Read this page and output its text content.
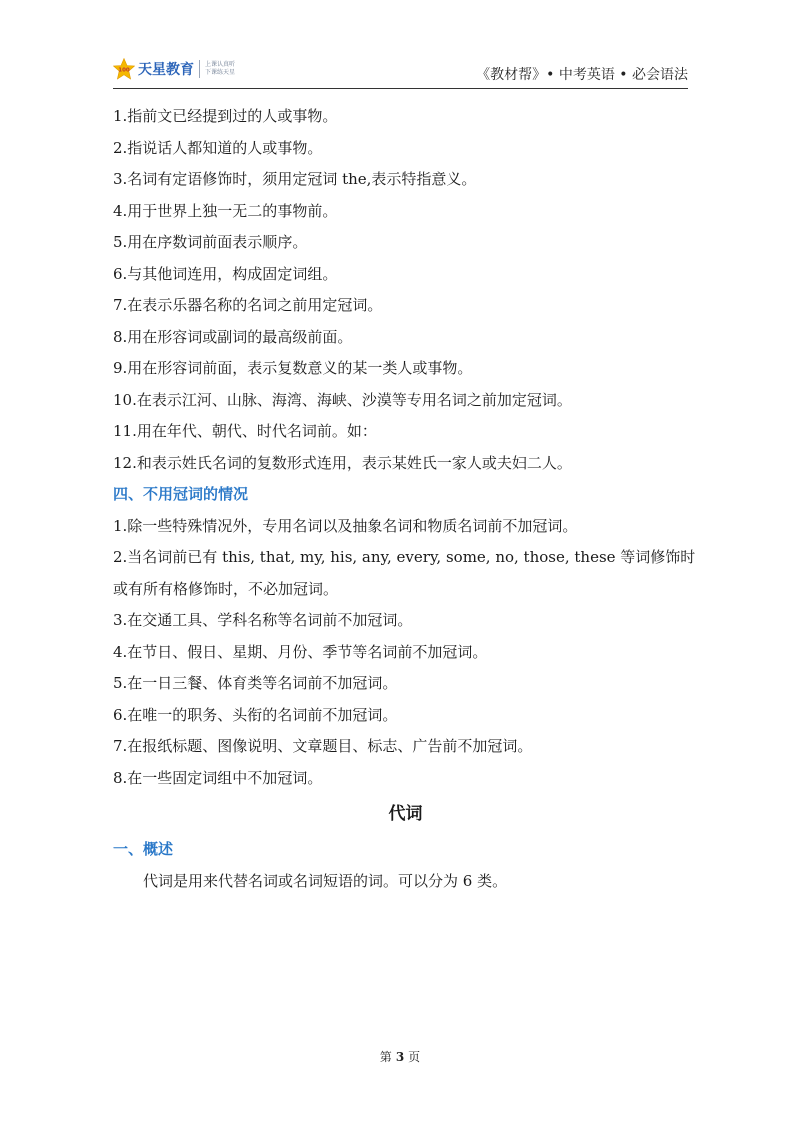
100 天星教育 上课认真听
下课练天星	《教材帮》• 中考英语 • 必会语法
1.指前文已经提到过的人或事物。
2.指说话人都知道的人或事物。
3.名词有定语修饰时，须用定冠词 the,表示特指意义。
4.用于世界上独一无二的事物前。
5.用在序数词前面表示顺序。
6.与其他词连用，构成固定词组。
7.在表示乐器名称的名词之前用定冠词。
8.用在形容词或副词的最高级前面。
9.用在形容词前面，表示复数意义的某一类人或事物。
10.在表示江河、山脉、海湾、海峡、沙漠等专用名词之前加定冠词。
11.用在年代、朝代、时代名词前。如：
12.和表示姓氏名词的复数形式连用，表示某姓氏一家人或夫妇二人。
四、不用冠词的情况
1.除一些特殊情况外，专用名词以及抽象名词和物质名词前不加冠词。
2.当名词前已有 this, that, my, his, any, every, some, no, those, these 等词修饰时
或有所有格修饰时，不必加冠词。
3.在交通工具、学科名称等名词前不加冠词。
4.在节日、假日、星期、月份、季节等名词前不加冠词。
5.在一日三餐、体育类等名词前不加冠词。
6.在唯一的职务、头衔的名词前不加冠词。
7.在报纸标题、图像说明、文章题目、标志、广告前不加冠词。
8.在一些固定词组中不加冠词。
代词
一、概述
代词是用来代替名词或名词短语的词。可以分为 6 类。
第 3 页
